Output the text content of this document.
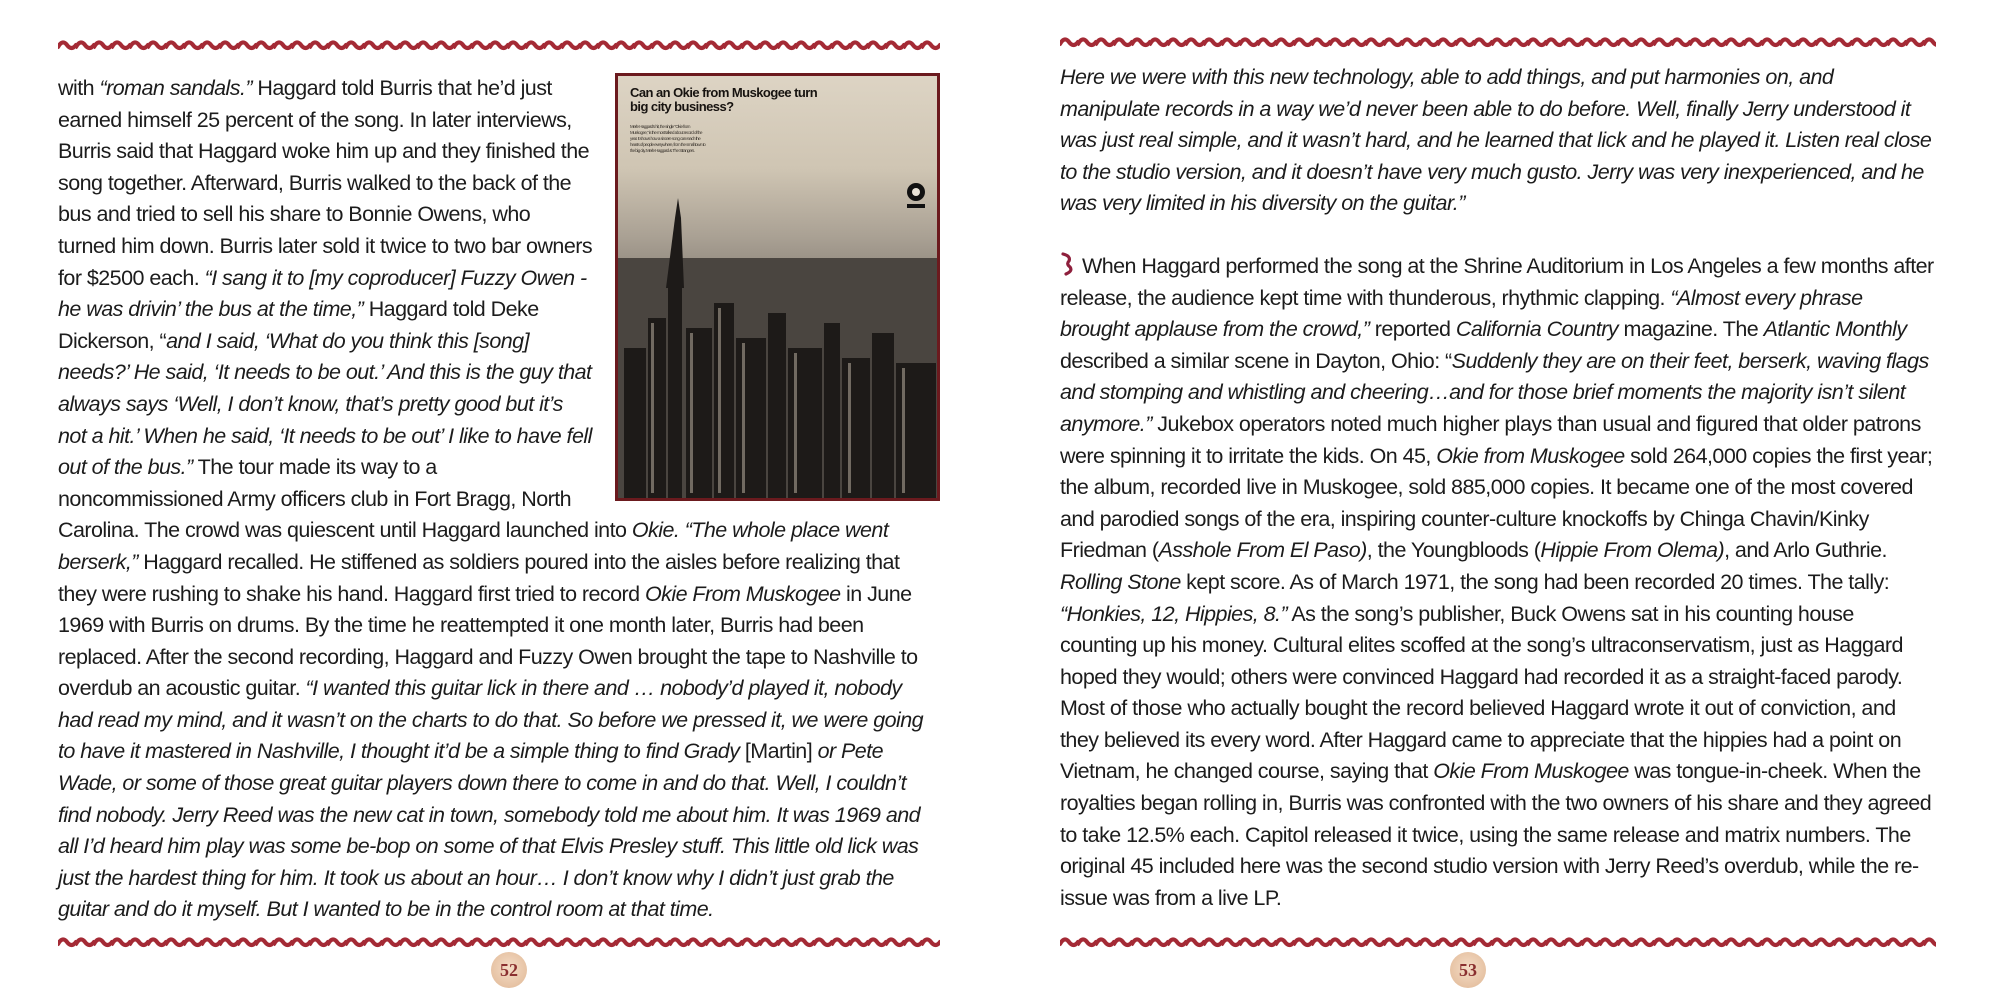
Can an Okie from Muskogee turn big city business?
Merle Haggard's hit, the single "Okie from Muskogee," is the most talked about record of the year. It shows how a sincere song can reach the hearts of people everywhere, from the small town to the big city. Merle Haggard & The Strangers.

with “roman sandals.” Haggard told Burris that he’d just earned himself 25 percent of the song. In later interviews, Burris said that Haggard woke him up and they finished the song together. Afterward, Burris walked to the back of the bus and tried to sell his share to Bonnie Owens, who turned him down. Burris later sold it twice to two bar owners for $2500 each. “I sang it to [my coproducer] Fuzzy Owen - he was drivin’ the bus at the time,” Haggard told Deke Dickerson, “and I said, ‘What do you think this [song] needs?’ He said, ‘It needs to be out.’ And this is the guy that always says ‘Well, I don’t know, that’s pretty good but it’s not a hit.’ When he said, ‘It needs to be out’ I like to have fell out of the bus.” The tour made its way to a noncommissioned Army officers club in Fort Bragg, North Carolina. The crowd was quiescent until Haggard launched into Okie. “The whole place went berserk,” Haggard recalled. He stiffened as soldiers poured into the aisles before realizing that they were rushing to shake his hand. Haggard first tried to record Okie From Muskogee in June 1969 with Burris on drums. By the time he reattempted it one month later, Burris had been replaced. After the second recording, Haggard and Fuzzy Owen brought the tape to Nashville to overdub an acoustic guitar. “I wanted this guitar lick in there and … nobody’d played it, nobody had read my mind, and it wasn’t on the charts to do that. So before we pressed it, we were going to have it mastered in Nashville, I thought it’d be a simple thing to find Grady [Martin] or Pete Wade, or some of those great guitar players down there to come in and do that. Well, I couldn’t find nobody. Jerry Reed was the new cat in town, somebody told me about him. It was 1969 and all I’d heard him play was some be-bop on some of that Elvis Presley stuff. This little old lick was just the hardest thing for him. It took us about an hour… I don’t know why I didn’t just grab the guitar and do it myself. But I wanted to be in the control room at that time.

52

Here we were with this new technology, able to add things, and put harmonies on, and manipulate records in a way we’d never been able to do before. Well, finally Jerry understood it was just real simple, and it wasn’t hard, and he learned that lick and he played it. Listen real close to the studio version, and it doesn’t have very much gusto. Jerry was very inexperienced, and he was very limited in his diversity on the guitar.”

When Haggard performed the song at the Shrine Auditorium in Los Angeles a few months after release, the audience kept time with thunderous, rhythmic clapping. “Almost every phrase brought applause from the crowd,” reported California Country magazine. The Atlantic Monthly described a similar scene in Dayton, Ohio: “Suddenly they are on their feet, berserk, waving flags and stomping and whistling and cheering…and for those brief moments the majority isn’t silent anymore.” Jukebox operators noted much higher plays than usual and figured that older patrons were spinning it to irritate the kids. On 45, Okie from Muskogee sold 264,000 copies the first year; the album, recorded live in Muskogee, sold 885,000 copies. It became one of the most covered and parodied songs of the era, inspiring counter-culture knockoffs by Chinga Chavin/Kinky Friedman (Asshole From El Paso), the Youngbloods (Hippie From Olema), and Arlo Guthrie. Rolling Stone kept score. As of March 1971, the song had been recorded 20 times. The tally: “Honkies, 12, Hippies, 8.” As the song’s publisher, Buck Owens sat in his counting house counting up his money. Cultural elites scoffed at the song’s ultraconservatism, just as Haggard hoped they would; others were convinced Haggard had recorded it as a straight-faced parody. Most of those who actually bought the record believed Haggard wrote it out of conviction, and they believed its every word. After Haggard came to appreciate that the hippies had a point on Vietnam, he changed course, saying that Okie From Muskogee was tongue-in-cheek. When the royalties began rolling in, Burris was confronted with the two owners of his share and they agreed to take 12.5% each. Capitol released it twice, using the same release and matrix numbers. The original 45 included here was the second studio version with Jerry Reed’s overdub, while the re-issue was from a live LP.

53
